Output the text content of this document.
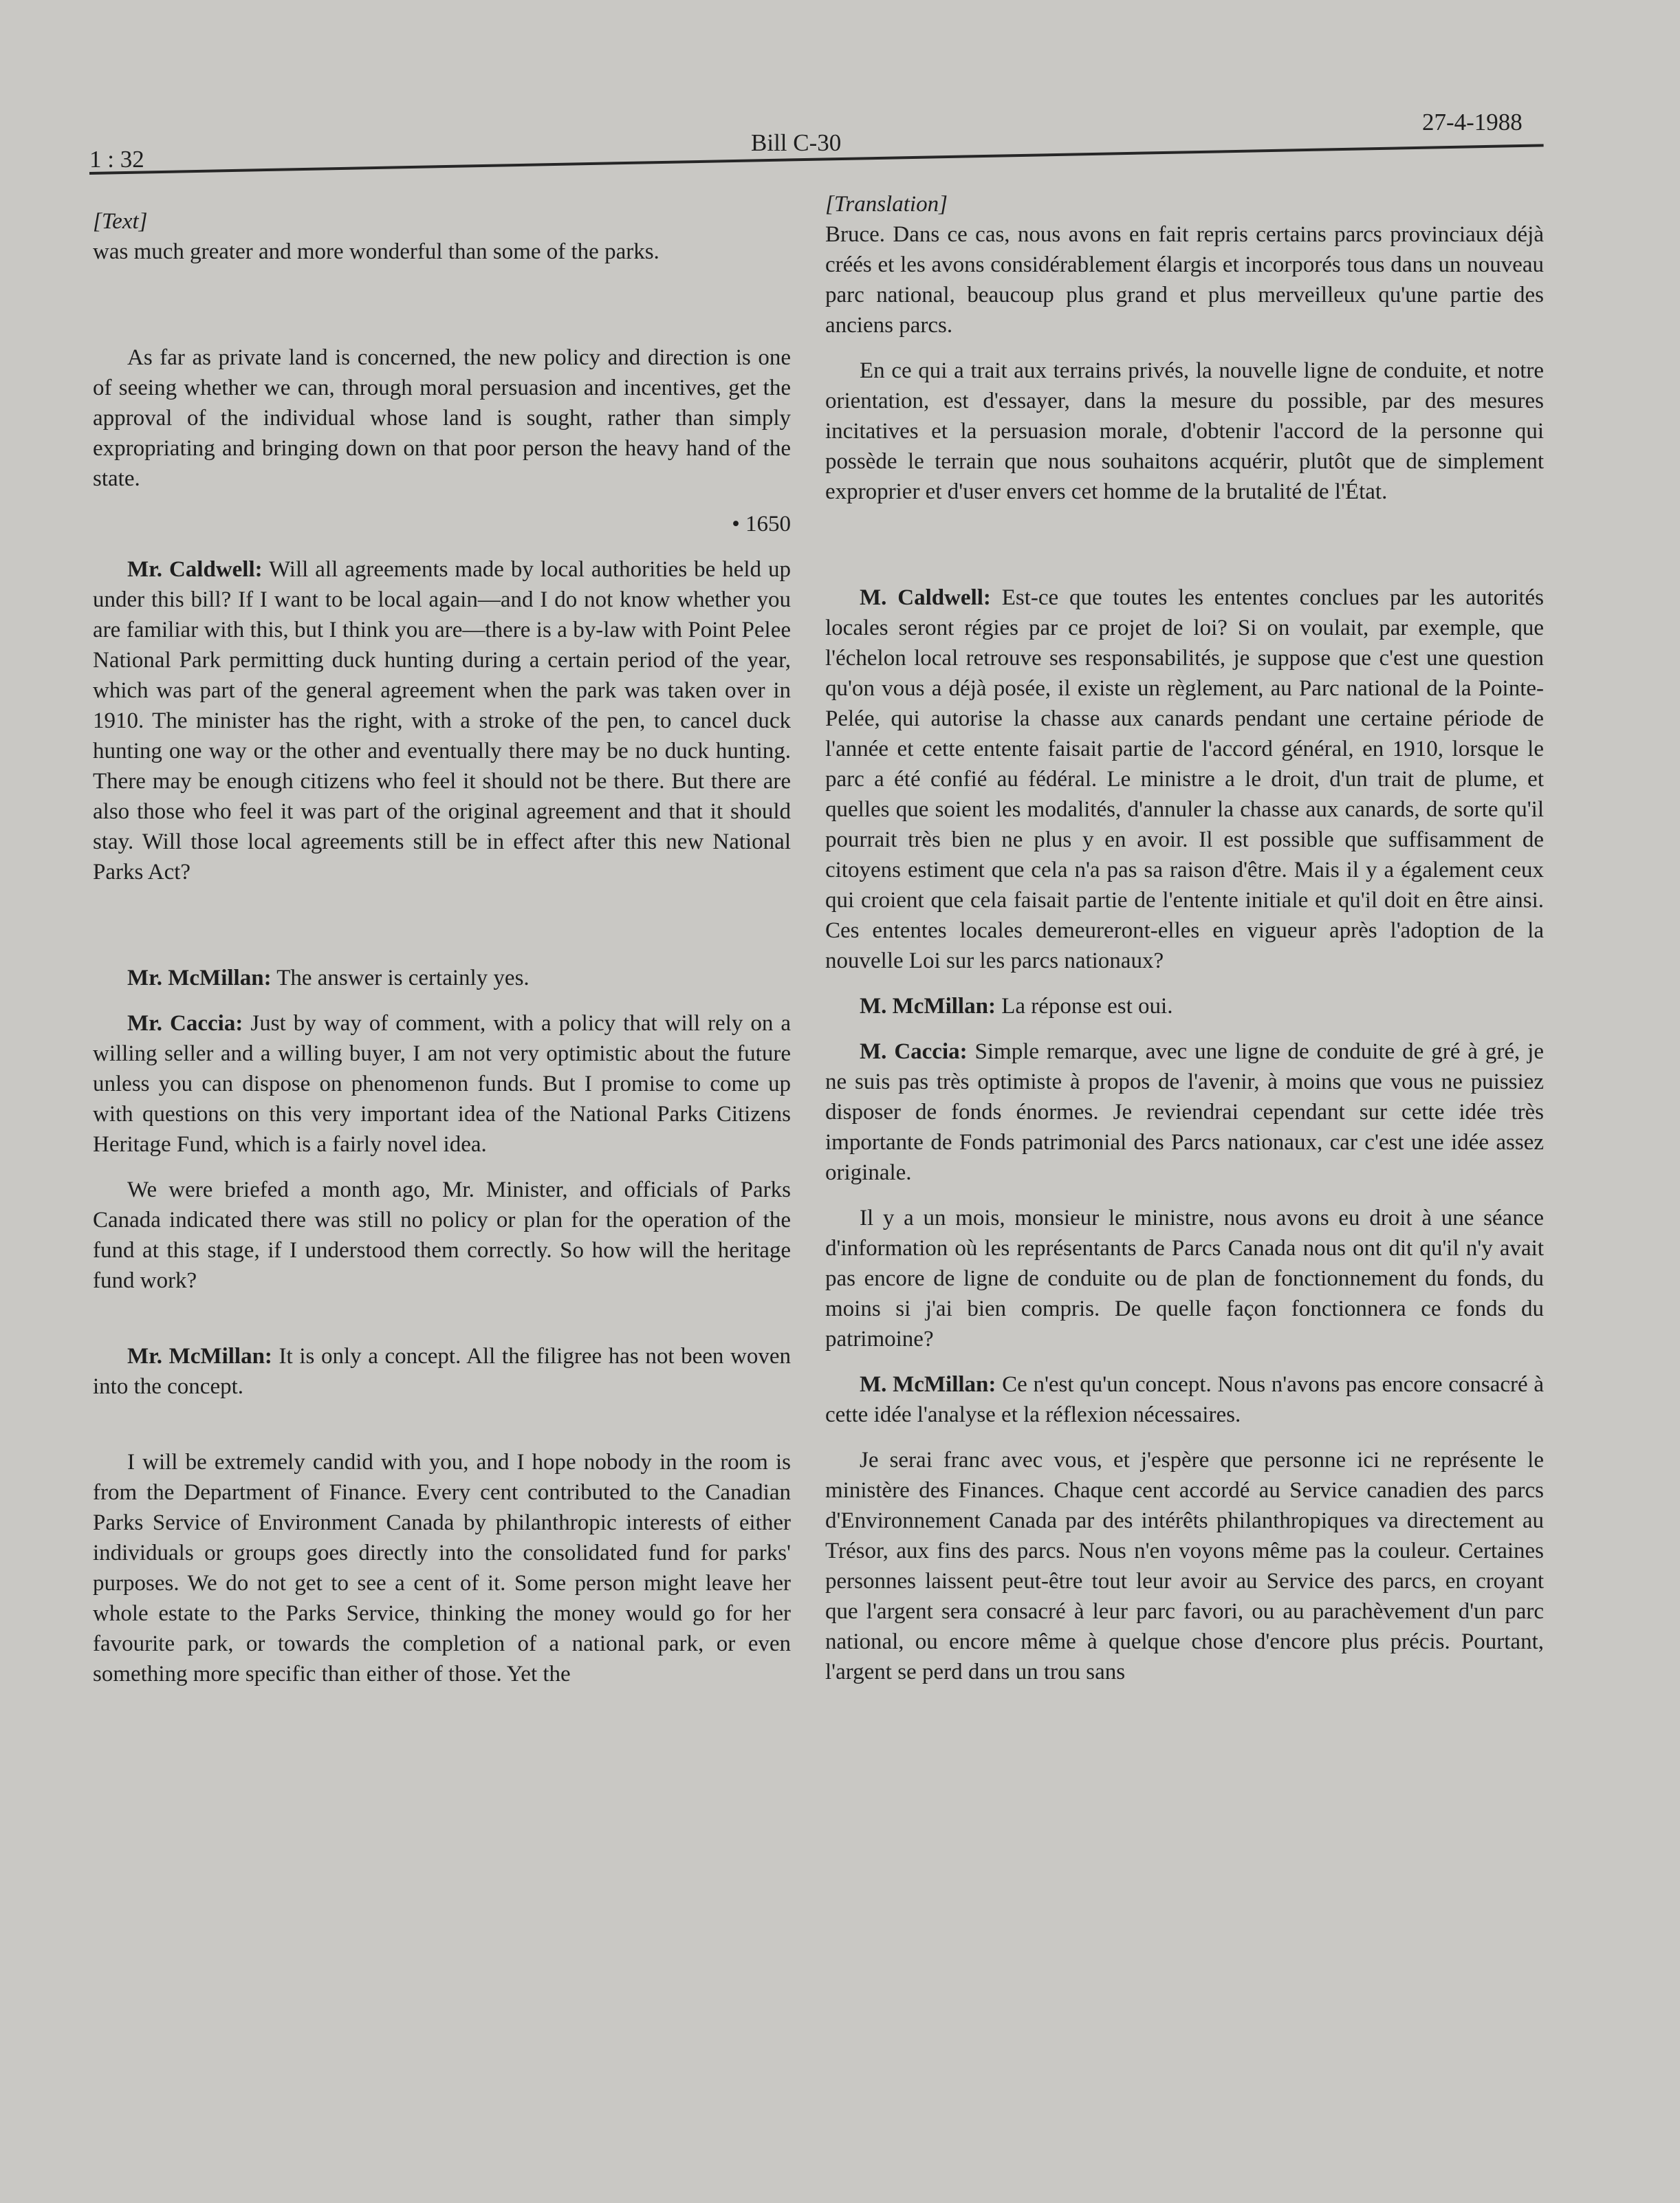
1 : 32
Bill C-30
27-4-1988

[Text]

was much greater and more wonderful than some of the parks.

As far as private land is concerned, the new policy and direction is one of seeing whether we can, through moral persuasion and incentives, get the approval of the individual whose land is sought, rather than simply expropriating and bringing down on that poor person the heavy hand of the state.

• 1650

Mr. Caldwell: Will all agreements made by local authorities be held up under this bill? If I want to be local again—and I do not know whether you are familiar with this, but I think you are—there is a by-law with Point Pelee National Park permitting duck hunting during a certain period of the year, which was part of the general agreement when the park was taken over in 1910. The minister has the right, with a stroke of the pen, to cancel duck hunting one way or the other and eventually there may be no duck hunting. There may be enough citizens who feel it should not be there. But there are also those who feel it was part of the original agreement and that it should stay. Will those local agreements still be in effect after this new National Parks Act?

Mr. McMillan: The answer is certainly yes.

Mr. Caccia: Just by way of comment, with a policy that will rely on a willing seller and a willing buyer, I am not very optimistic about the future unless you can dispose on phenomenon funds. But I promise to come up with questions on this very important idea of the National Parks Citizens Heritage Fund, which is a fairly novel idea.

We were briefed a month ago, Mr. Minister, and officials of Parks Canada indicated there was still no policy or plan for the operation of the fund at this stage, if I understood them correctly. So how will the heritage fund work?

Mr. McMillan: It is only a concept. All the filigree has not been woven into the concept.

I will be extremely candid with you, and I hope nobody in the room is from the Department of Finance. Every cent contributed to the Canadian Parks Service of Environment Canada by philanthropic interests of either individuals or groups goes directly into the consolidated fund for parks' purposes. We do not get to see a cent of it. Some person might leave her whole estate to the Parks Service, thinking the money would go for her favourite park, or towards the completion of a national park, or even something more specific than either of those. Yet the

[Translation]

Bruce. Dans ce cas, nous avons en fait repris certains parcs provinciaux déjà créés et les avons considérablement élargis et incorporés tous dans un nouveau parc national, beaucoup plus grand et plus merveilleux qu'une partie des anciens parcs.

En ce qui a trait aux terrains privés, la nouvelle ligne de conduite, et notre orientation, est d'essayer, dans la mesure du possible, par des mesures incitatives et la persuasion morale, d'obtenir l'accord de la personne qui possède le terrain que nous souhaitons acquérir, plutôt que de simplement exproprier et d'user envers cet homme de la brutalité de l'État.

M. Caldwell: Est-ce que toutes les ententes conclues par les autorités locales seront régies par ce projet de loi? Si on voulait, par exemple, que l'échelon local retrouve ses responsabilités, je suppose que c'est une question qu'on vous a déjà posée, il existe un règlement, au Parc national de la Pointe-Pelée, qui autorise la chasse aux canards pendant une certaine période de l'année et cette entente faisait partie de l'accord général, en 1910, lorsque le parc a été confié au fédéral. Le ministre a le droit, d'un trait de plume, et quelles que soient les modalités, d'annuler la chasse aux canards, de sorte qu'il pourrait très bien ne plus y en avoir. Il est possible que suffisamment de citoyens estiment que cela n'a pas sa raison d'être. Mais il y a également ceux qui croient que cela faisait partie de l'entente initiale et qu'il doit en être ainsi. Ces ententes locales demeureront-elles en vigueur après l'adoption de la nouvelle Loi sur les parcs nationaux?

M. McMillan: La réponse est oui.

M. Caccia: Simple remarque, avec une ligne de conduite de gré à gré, je ne suis pas très optimiste à propos de l'avenir, à moins que vous ne puissiez disposer de fonds énormes. Je reviendrai cependant sur cette idée très importante de Fonds patrimonial des Parcs nationaux, car c'est une idée assez originale.

Il y a un mois, monsieur le ministre, nous avons eu droit à une séance d'information où les représentants de Parcs Canada nous ont dit qu'il n'y avait pas encore de ligne de conduite ou de plan de fonctionnement du fonds, du moins si j'ai bien compris. De quelle façon fonctionnera ce fonds du patrimoine?

M. McMillan: Ce n'est qu'un concept. Nous n'avons pas encore consacré à cette idée l'analyse et la réflexion nécessaires.

Je serai franc avec vous, et j'espère que personne ici ne représente le ministère des Finances. Chaque cent accordé au Service canadien des parcs d'Environnement Canada par des intérêts philanthropiques va directement au Trésor, aux fins des parcs. Nous n'en voyons même pas la couleur. Certaines personnes laissent peut-être tout leur avoir au Service des parcs, en croyant que l'argent sera consacré à leur parc favori, ou au parachèvement d'un parc national, ou encore même à quelque chose d'encore plus précis. Pourtant, l'argent se perd dans un trou sans
